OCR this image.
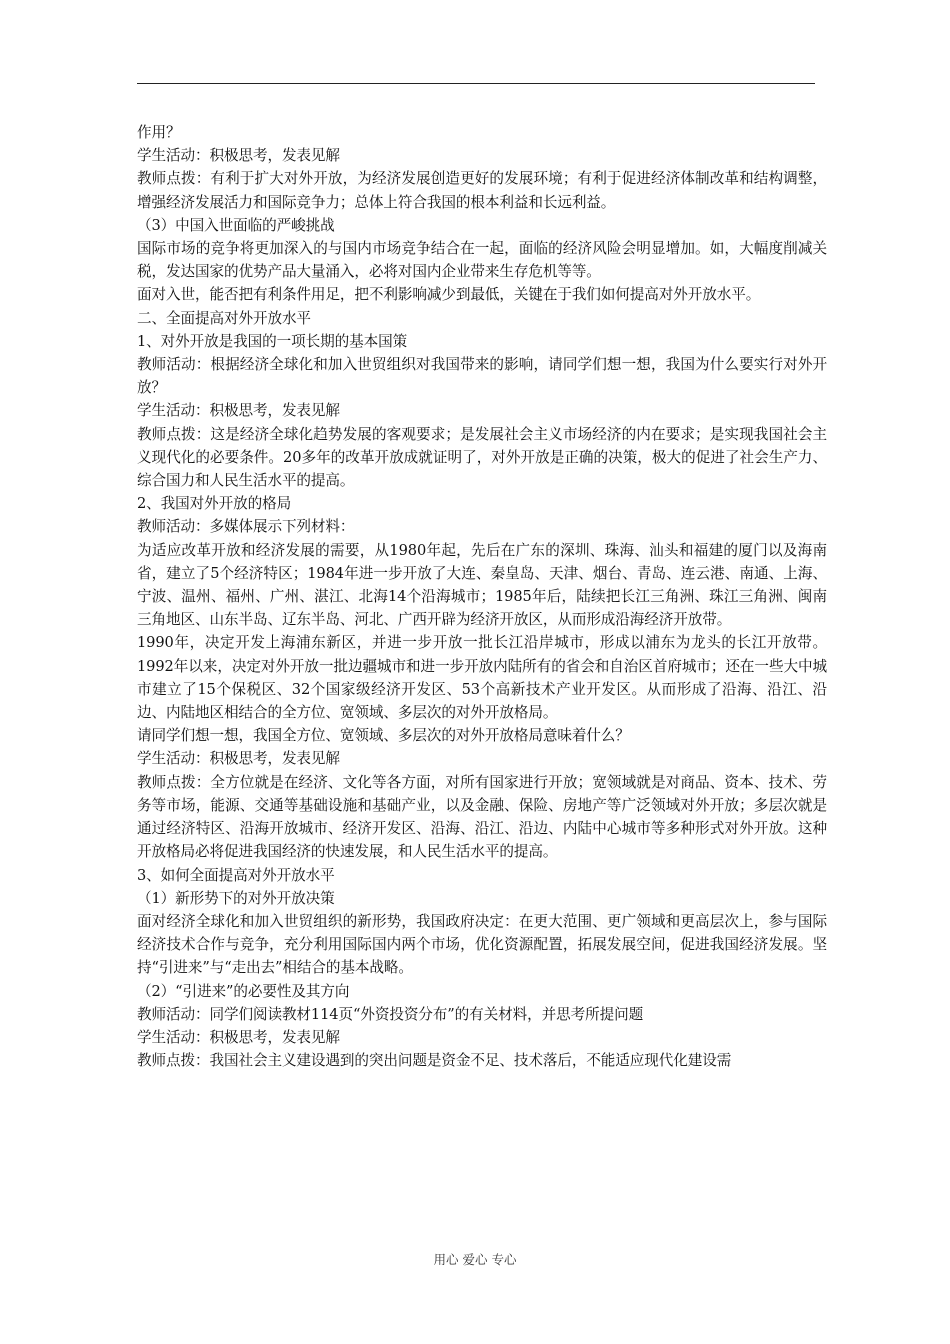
作用？

学生活动：积极思考，发表见解

教师点拨：有利于扩大对外开放，为经济发展创造更好的发展环境；有利于促进经济体制改革和结构调整，增强经济发展活力和国际竞争力；总体上符合我国的根本利益和长远利益。

（3）中国入世面临的严峻挑战

国际市场的竞争将更加深入的与国内市场竞争结合在一起，面临的经济风险会明显增加。如，大幅度削减关税，发达国家的优势产品大量涌入，必将对国内企业带来生存危机等等。

面对入世，能否把有利条件用足，把不利影响减少到最低，关键在于我们如何提高对外开放水平。

二、全面提高对外开放水平

1、对外开放是我国的一项长期的基本国策

教师活动：根据经济全球化和加入世贸组织对我国带来的影响，请同学们想一想，我国为什么要实行对外开放？

学生活动：积极思考，发表见解

教师点拨：这是经济全球化趋势发展的客观要求；是发展社会主义市场经济的内在要求；是实现我国社会主义现代化的必要条件。20多年的改革开放成就证明了，对外开放是正确的决策，极大的促进了社会生产力、综合国力和人民生活水平的提高。

2、我国对外开放的格局

教师活动：多媒体展示下列材料：

为适应改革开放和经济发展的需要，从1980年起，先后在广东的深圳、珠海、汕头和福建的厦门以及海南省，建立了5个经济特区；1984年进一步开放了大连、秦皇岛、天津、烟台、青岛、连云港、南通、上海、宁波、温州、福州、广州、湛江、北海14个沿海城市；1985年后，陆续把长江三角洲、珠江三角洲、闽南三角地区、山东半岛、辽东半岛、河北、广西开辟为经济开放区，从而形成沿海经济开放带。

1990年，决定开发上海浦东新区，并进一步开放一批长江沿岸城市，形成以浦东为龙头的长江开放带。1992年以来，决定对外开放一批边疆城市和进一步开放内陆所有的省会和自治区首府城市；还在一些大中城市建立了15个保税区、32个国家级经济开发区、53个高新技术产业开发区。从而形成了沿海、沿江、沿边、内陆地区相结合的全方位、宽领域、多层次的对外开放格局。

请同学们想一想，我国全方位、宽领域、多层次的对外开放格局意味着什么？

学生活动：积极思考，发表见解

教师点拨：全方位就是在经济、文化等各方面，对所有国家进行开放；宽领域就是对商品、资本、技术、劳务等市场，能源、交通等基础设施和基础产业，以及金融、保险、房地产等广泛领域对外开放；多层次就是通过经济特区、沿海开放城市、经济开发区、沿海、沿江、沿边、内陆中心城市等多种形式对外开放。这种开放格局必将促进我国经济的快速发展，和人民生活水平的提高。

3、如何全面提高对外开放水平

（1）新形势下的对外开放决策

面对经济全球化和加入世贸组织的新形势，我国政府决定：在更大范围、更广领域和更高层次上，参与国际经济技术合作与竞争，充分利用国际国内两个市场，优化资源配置，拓展发展空间，促进我国经济发展。坚持“引进来”与“走出去”相结合的基本战略。

（2）“引进来”的必要性及其方向

教师活动：同学们阅读教材114页“外资投资分布”的有关材料，并思考所提问题

学生活动：积极思考，发表见解

教师点拨：我国社会主义建设遇到的突出问题是资金不足、技术落后，不能适应现代化建设需

用心 爱心 专心
